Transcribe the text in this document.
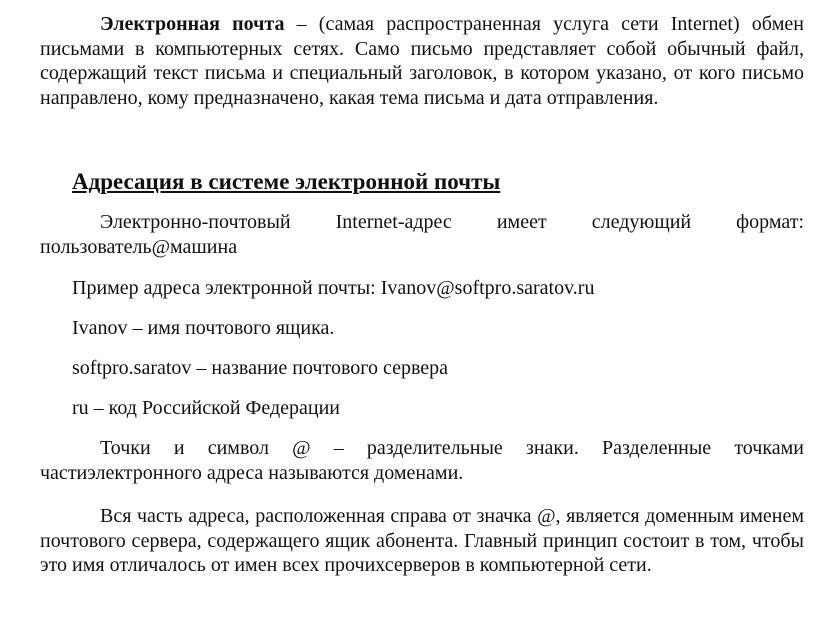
Электронная почта – (самая распространенная услуга сети Internet) обмен письмами в компьютерных сетях. Само письмо представляет собой обычный файл, содержащий текст письма и специальный заголовок, в котором указано, от кого письмо направлено, кому предназначено, какая тема письма и дата отправления.

Адресация в системе электронной почты

Электронно-почтовый Internet-адрес имеет следующий формат: пользователь@машина

Пример адреса электронной почты: Ivanov@softpro.saratov.ru

Ivanov – имя почтового ящика.

softpro.saratov – название почтового сервера

ru – код Российской Федерации

Точки и символ @ – разделительные знаки. Разделенные точками частиэлектронного адреса называются доменами.

Вся часть адреса, расположенная справа от значка @, является доменным именем почтового сервера, содержащего ящик абонента. Главный принцип состоит в том, чтобы это имя отличалось от имен всех прочихсерверов в компьютерной сети.
